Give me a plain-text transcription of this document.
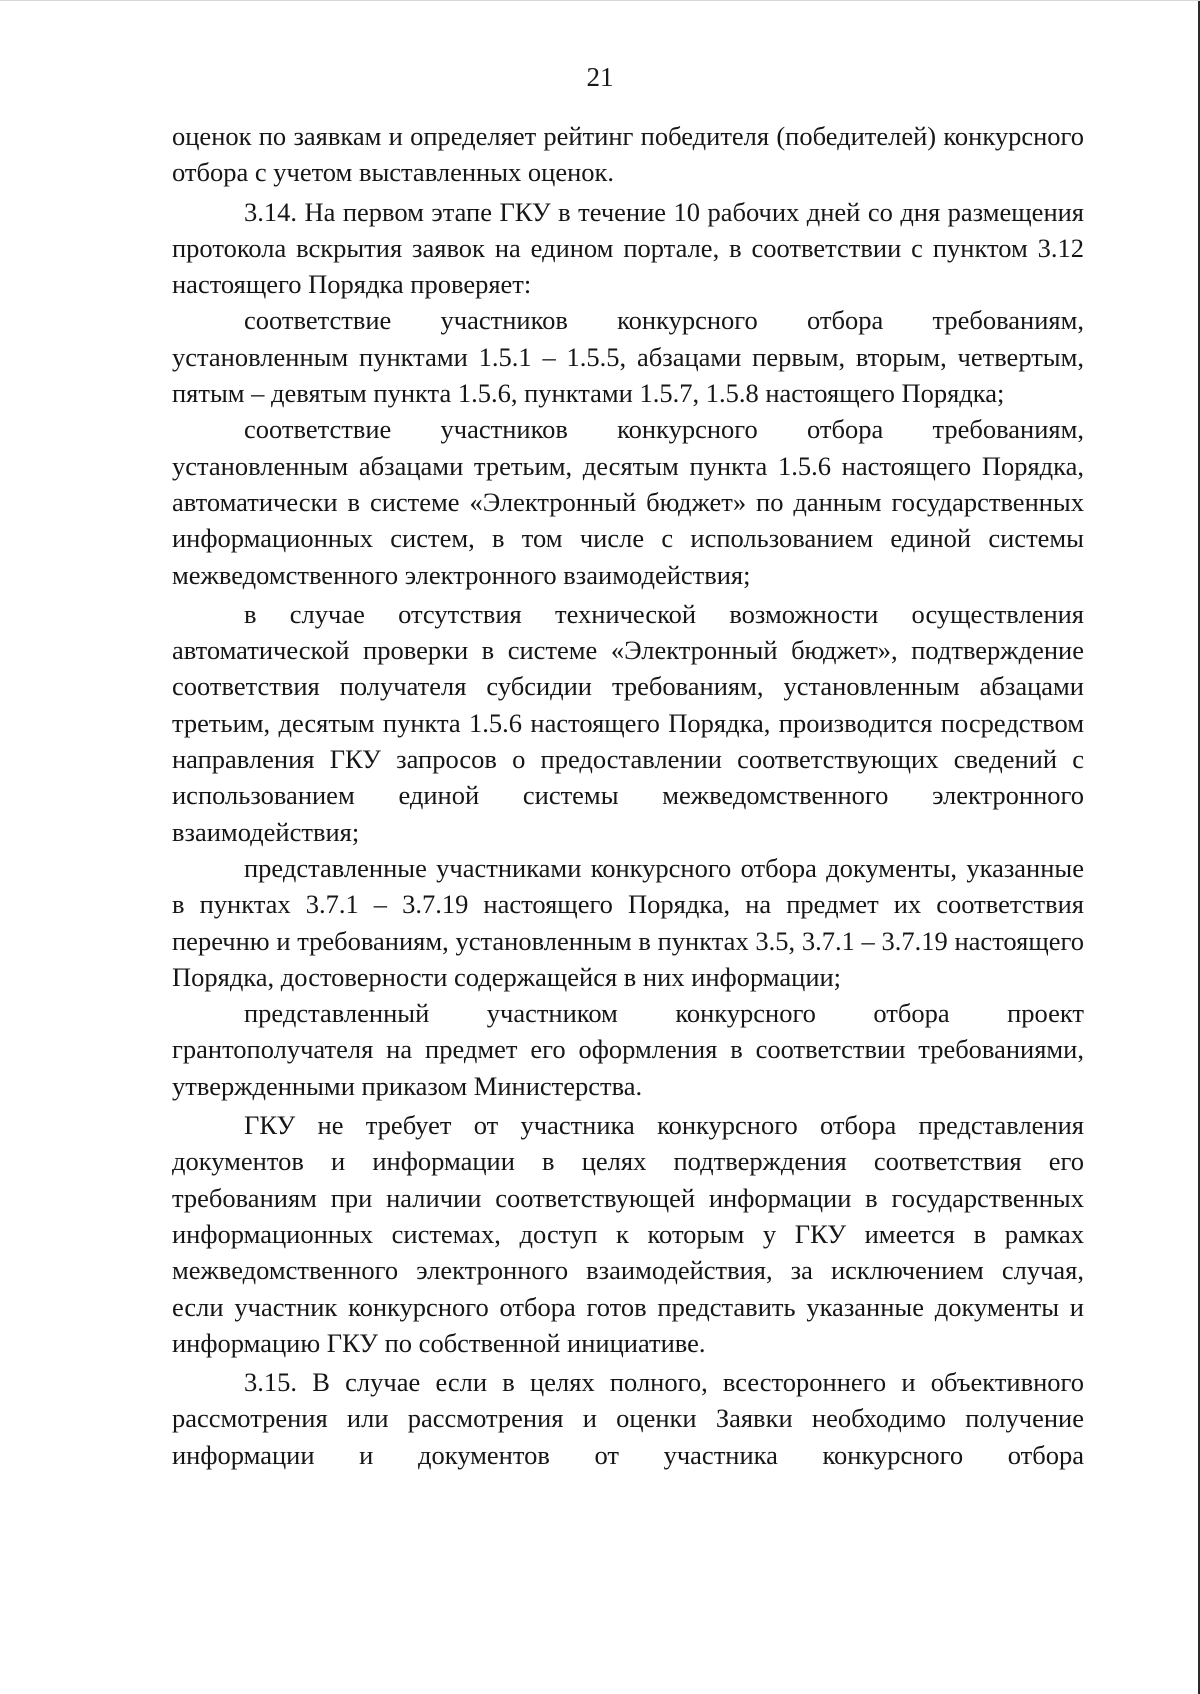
21

оценок по заявкам и определяет рейтинг победителя (победителей) конкурсного отбора с учетом выставленных оценок.

3.14. На первом этапе ГКУ в течение 10 рабочих дней со дня размещения протокола вскрытия заявок на едином портале, в соответствии с пунктом 3.12 настоящего Порядка проверяет:

соответствие участников конкурсного отбора требованиям, установленным пунктами 1.5.1 – 1.5.5, абзацами первым, вторым, четвертым, пятым – девятым пункта 1.5.6, пунктами 1.5.7, 1.5.8 настоящего Порядка;

соответствие участников конкурсного отбора требованиям, установленным абзацами третьим, десятым пункта 1.5.6 настоящего Порядка, автоматически в системе «Электронный бюджет» по данным государственных информационных систем, в том числе с использованием единой системы межведомственного электронного взаимодействия;

в случае отсутствия технической возможности осуществления автоматической проверки в системе «Электронный бюджет», подтверждение соответствия получателя субсидии требованиям, установленным абзацами третьим, десятым пункта 1.5.6 настоящего Порядка, производится посредством направления ГКУ запросов о предоставлении соответствующих сведений с использованием единой системы межведомственного электронного взаимодействия;

представленные участниками конкурсного отбора документы, указанные в пунктах 3.7.1 – 3.7.19 настоящего Порядка, на предмет их соответствия перечню и требованиям, установленным в пунктах 3.5, 3.7.1 – 3.7.19 настоящего Порядка, достоверности содержащейся в них информации;

представленный участником конкурсного отбора проект грантополучателя на предмет его оформления в соответствии требованиями, утвержденными приказом Министерства.

ГКУ не требует от участника конкурсного отбора представления документов и информации в целях подтверждения соответствия его требованиям при наличии соответствующей информации в государственных информационных системах, доступ к которым у ГКУ имеется в рамках межведомственного электронного взаимодействия, за исключением случая, если участник конкурсного отбора готов представить указанные документы и информацию ГКУ по собственной инициативе.

3.15. В случае если в целях полного, всестороннего и объективного рассмотрения или рассмотрения и оценки Заявки необходимо получение информации и документов от участника конкурсного отбора
